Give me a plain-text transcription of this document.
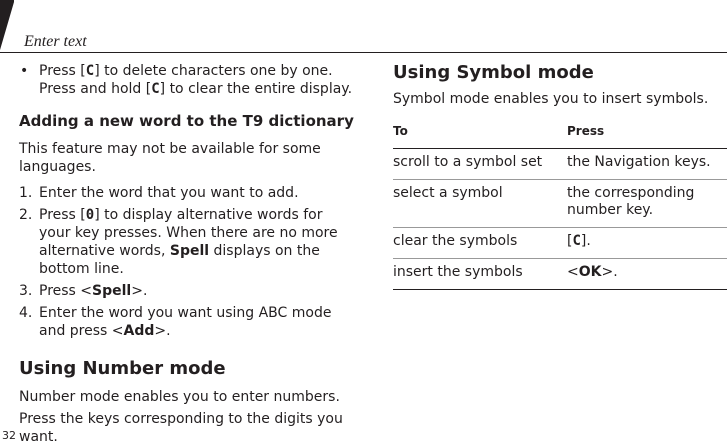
Enter text
• Press [C] to delete characters one by one. Press and hold [C] to clear the entire display.
Adding a new word to the T9 dictionary

This feature may not be available for some languages.

1. Enter the word that you want to add.
2. Press [0] to display alternative words for your key presses. When there are no more alternative words, Spell displays on the bottom line.
3. Press <Spell>.
4. Enter the word you want using ABC mode and press <Add>.
Using Number mode

Number mode enables you to enter numbers.

Press the keys corresponding to the digits you want.

Using Symbol mode

Symbol mode enables you to insert symbols.

To	Press
scroll to a symbol set	the Navigation keys.
select a symbol	the corresponding number key.
clear the symbols	[C].
insert the symbols	<OK>.
32
